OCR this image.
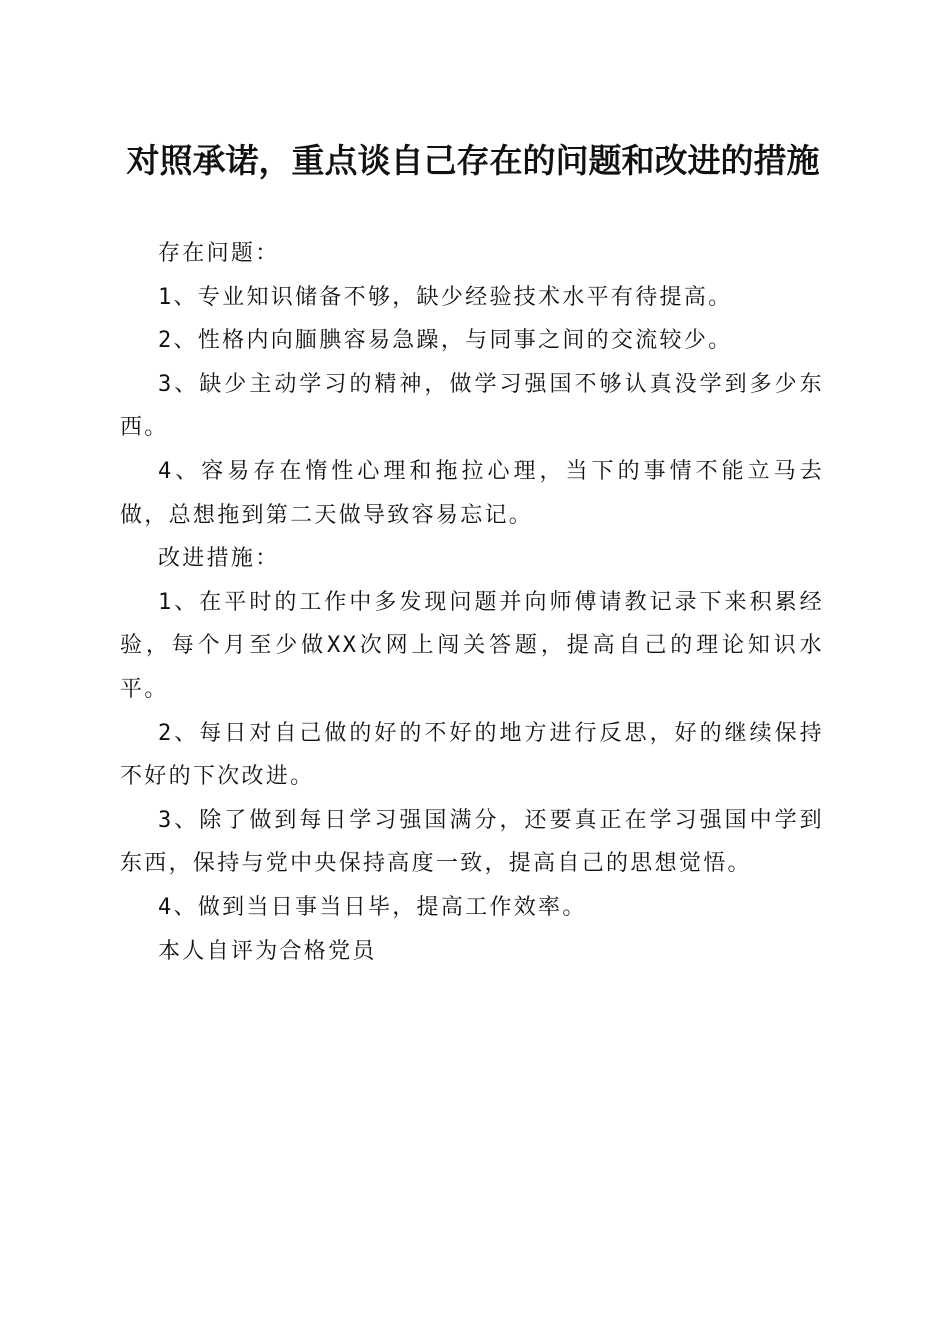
对照承诺，重点谈自己存在的问题和改进的措施

存在问题：

1、专业知识储备不够，缺少经验技术水平有待提高。

2、性格内向腼腆容易急躁，与同事之间的交流较少。

3、缺少主动学习的精神，做学习强国不够认真没学到多少东西。

4、容易存在惰性心理和拖拉心理，当下的事情不能立马去做，总想拖到第二天做导致容易忘记。

改进措施：

1、在平时的工作中多发现问题并向师傅请教记录下来积累经验，每个月至少做XX次网上闯关答题，提高自己的理论知识水平。

2、每日对自己做的好的不好的地方进行反思，好的继续保持不好的下次改进。

3、除了做到每日学习强国满分，还要真正在学习强国中学到东西，保持与党中央保持高度一致，提高自己的思想觉悟。

4、做到当日事当日毕，提高工作效率。

本人自评为合格党员
